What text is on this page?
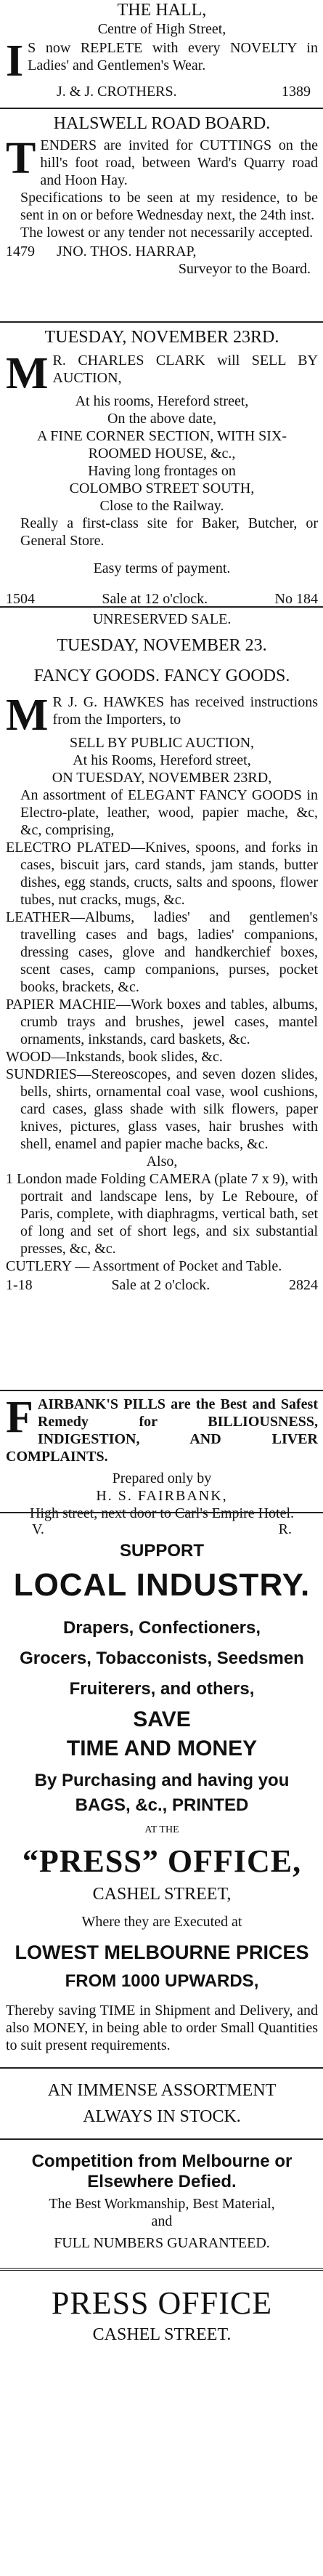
THE HALL,
Centre of High Street,
I S now REPLETE with every NOVELTY in Ladies' and Gentlemen's Wear.
J. & J. CROTHERS.	1389
HALSWELL ROAD BOARD.
T ENDERS are invited for CUTTINGS on the hill's foot road, between Ward's Quarry road and Hoon Hay.
Specifications to be seen at my residence, to be sent in on or before Wednesday next, the 24th inst.
The lowest or any tender not necessarily accepted.
1479 JNO. THOS. HARRAP,
Surveyor to the Board.
TUESDAY, NOVEMBER 23RD.
M R. CHARLES CLARK will SELL BY AUCTION,
At his rooms, Hereford street,
On the above date,
A FINE CORNER SECTION, WITH SIX-ROOMED HOUSE, &c.,
Having long frontages on
COLOMBO STREET SOUTH,
Close to the Railway.
Really a first-class site for Baker, Butcher, or General Store.
Easy terms of payment.
1504	Sale at 12 o'clock.	No 184
UNRESERVED SALE.
TUESDAY, NOVEMBER 23.
FANCY GOODS. FANCY GOODS.
M R J. G. HAWKES has received instructions from the Importers, to
SELL BY PUBLIC AUCTION,
At his Rooms, Hereford street,
ON TUESDAY, NOVEMBER 23RD,
An assortment of ELEGANT FANCY GOODS in Electro-plate, leather, wood, papier mache, &c, &c, comprising,
ELECTRO PLATED—Knives, spoons, and forks in cases, biscuit jars, card stands, jam stands, butter dishes, egg stands, cructs, salts and spoons, flower tubes, nut cracks, mugs, &c.
LEATHER—Albums, ladies' and gentlemen's travelling cases and bags, ladies' companions, dressing cases, glove and handkerchief boxes, scent cases, camp companions, purses, pocket books, brackets, &c.
PAPIER MACHIE—Work boxes and tables, albums, crumb trays and brushes, jewel cases, mantel ornaments, inkstands, card baskets, &c.
WOOD—Inkstands, book slides, &c.
SUNDRIES—Stereoscopes, and seven dozen slides, bells, shirts, ornamental coal vase, wool cushions, card cases, glass shade with silk flowers, paper knives, pictures, glass vases, hair brushes with shell, enamel and papier mache backs, &c.
Also,
1 London made Folding CAMERA (plate 7 x 9), with portrait and landscape lens, by Le Reboure, of Paris, complete, with diaphragms, vertical bath, set of long and set of short legs, and six substantial presses, &c, &c.
CUTLERY — Assortment of Pocket and Table.
1-18	Sale at 2 o'clock.	2824
F AIRBANK'S PILLS are the Best and Safest Remedy for BILLIOUSNESS, INDIGESTION, AND LIVER COMPLAINTS.
Prepared only by
H. S. FAIRBANK,
High street, next door to Carl's Empire Hotel.
V.	R.
SUPPORT
LOCAL INDUSTRY.
Drapers, Confectioners,
Grocers, Tobacconists, Seedsmen
Fruiterers, and others,
SAVE
TIME AND MONEY
By Purchasing and having you
BAGS, &c., PRINTED
AT THE
“PRESS” OFFICE,
CASHEL STREET,
Where they are Executed at
LOWEST MELBOURNE PRICES
FROM 1000 UPWARDS,
Thereby saving TIME in Shipment and Delivery, and also MONEY, in being able to order Small Quantities to suit present requirements.
AN IMMENSE ASSORTMENT
ALWAYS IN STOCK.
Competition from Melbourne or Elsewhere Defied.
The Best Workmanship, Best Material,
and
FULL NUMBERS GUARANTEED.
PRESS OFFICE
CASHEL STREET.
